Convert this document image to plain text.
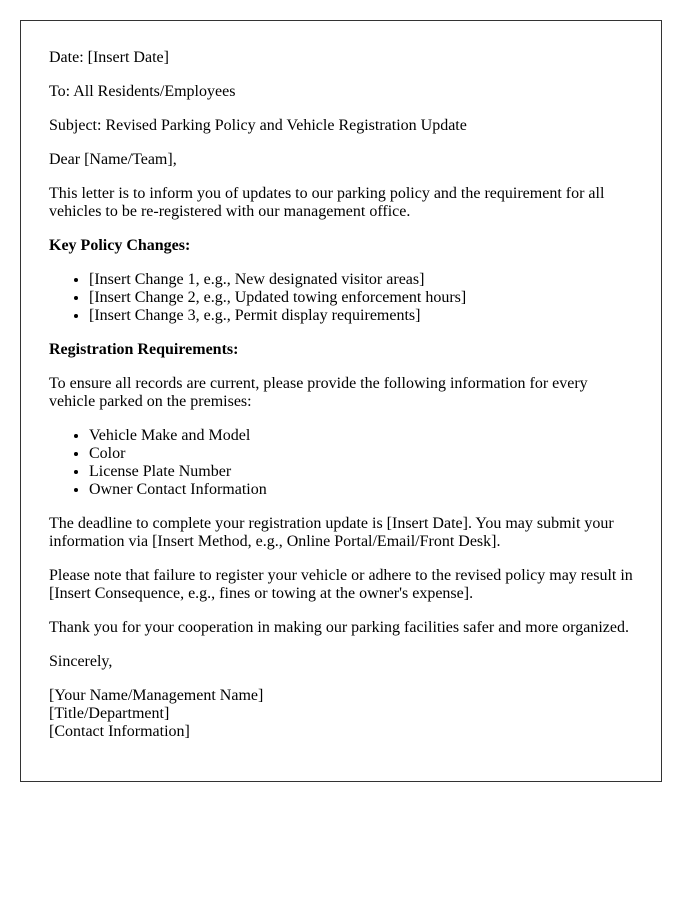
Date: [Insert Date]

To: All Residents/Employees

Subject: Revised Parking Policy and Vehicle Registration Update

Dear [Name/Team],

This letter is to inform you of updates to our parking policy and the requirement for all vehicles to be re-registered with our management office.

Key Policy Changes:

• [Insert Change 1, e.g., New designated visitor areas]
• [Insert Change 2, e.g., Updated towing enforcement hours]
• [Insert Change 3, e.g., Permit display requirements]

Registration Requirements:

To ensure all records are current, please provide the following information for every vehicle parked on the premises:

• Vehicle Make and Model
• Color
• License Plate Number
• Owner Contact Information

The deadline to complete your registration update is [Insert Date]. You may submit your information via [Insert Method, e.g., Online Portal/Email/Front Desk].

Please note that failure to register your vehicle or adhere to the revised policy may result in [Insert Consequence, e.g., fines or towing at the owner's expense].

Thank you for your cooperation in making our parking facilities safer and more organized.

Sincerely,

[Your Name/Management Name]
[Title/Department]
[Contact Information]
